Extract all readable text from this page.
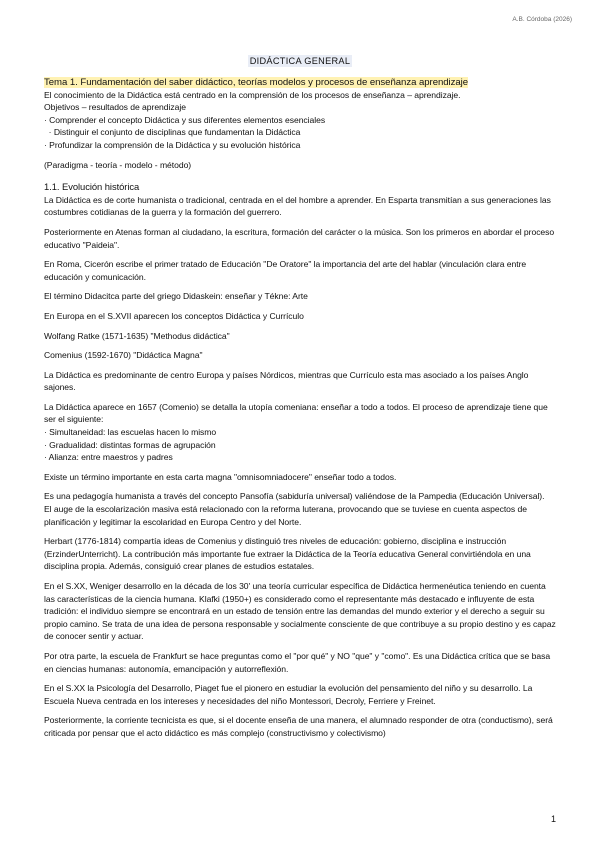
A.B. Córdoba (2026)
DIDÁCTICA GENERAL

Tema 1. Fundamentación del saber didáctico, teorías modelos y procesos de enseñanza aprendizaje

El conocimiento de la Didáctica está centrado en la comprensión de los procesos de enseñanza – aprendizaje.

Objetivos – resultados de aprendizaje

· Comprender el concepto Didáctica y sus diferentes elementos esenciales

· Distinguir el conjunto de disciplinas que fundamentan la Didáctica

· Profundizar la comprensión de la Didáctica y su evolución histórica

(Paradigma - teoría - modelo - método)

1.1. Evolución histórica

La Didáctica es de corte humanista o tradicional, centrada en el del hombre a aprender. En Esparta transmitían a sus generaciones las costumbres cotidianas de la guerra y la formación del guerrero.

Posteriormente en Atenas forman al ciudadano, la escritura, formación del carácter o la música. Son los primeros en abordar el proceso educativo "Paideia".

En Roma, Cicerón escribe el primer tratado de Educación "De Oratore" la importancia del arte del hablar (vinculación clara entre educación y comunicación.

El término Didacitca parte del griego Didaskein: enseñar y Tékne: Arte

En Europa en el S.XVII aparecen los conceptos Didáctica y Currículo

Wolfang Ratke (1571-1635) "Methodus didáctica"

Comenius (1592-1670) "Didáctica Magna"

La Didáctica es predominante de centro Europa y países Nórdicos, mientras que Currículo esta mas asociado a los países Anglo sajones.

La Didáctica aparece en 1657 (Comenio) se detalla la utopía comeniana: enseñar a todo a todos. El proceso de aprendizaje tiene que ser el siguiente:

· Simultaneidad: las escuelas hacen lo mismo

· Gradualidad: distintas formas de agrupación

· Alianza: entre maestros y padres

Existe un término importante en esta carta magna "omnisomniadocere" enseñar todo a todos.

Es una pedagogía humanista a través del concepto Pansofía (sabiduría universal) valiéndose de la Pampedia (Educación Universal).

El auge de la escolarización masiva está relacionado con la reforma luterana, provocando que se tuviese en cuenta aspectos de planificación y legitimar la escolaridad en Europa Centro y del Norte.

Herbart (1776-1814) compartía ideas de Comenius y distinguió tres niveles de educación: gobierno, disciplina e instrucción (ErzinderUnterricht). La contribución más importante fue extraer la Didáctica de la Teoría educativa General convirtiéndola en una disciplina propia. Además, consiguió crear planes de estudios estatales.

En el S.XX, Weniger desarrollo en la década de los 30' una teoría curricular específica de Didáctica hermenéutica teniendo en cuenta las características de la ciencia humana. Klafki (1950+) es considerado como el representante más destacado e influyente de esta tradición: el individuo siempre se encontrará en un estado de tensión entre las demandas del mundo exterior y el derecho a seguir su propio camino. Se trata de una idea de persona responsable y socialmente consciente de que contribuye a su propio destino y es capaz de conocer sentir y actuar.

Por otra parte, la escuela de Frankfurt se hace preguntas como el "por qué" y NO "que" y "como". Es una Didáctica crítica que se basa en ciencias humanas: autonomía, emancipación y autorreflexión.

En el S.XX la Psicología del Desarrollo, Piaget fue el pionero en estudiar la evolución del pensamiento del niño y su desarrollo. La Escuela Nueva centrada en los intereses y necesidades del niño Montessori, Decroly, Ferriere y Freinet.

Posteriormente, la corriente tecnicista es que, si el docente enseña de una manera, el alumnado responder de otra (conductismo), será criticada por pensar que el acto didáctico es más complejo (constructivismo y colectivismo)

1
